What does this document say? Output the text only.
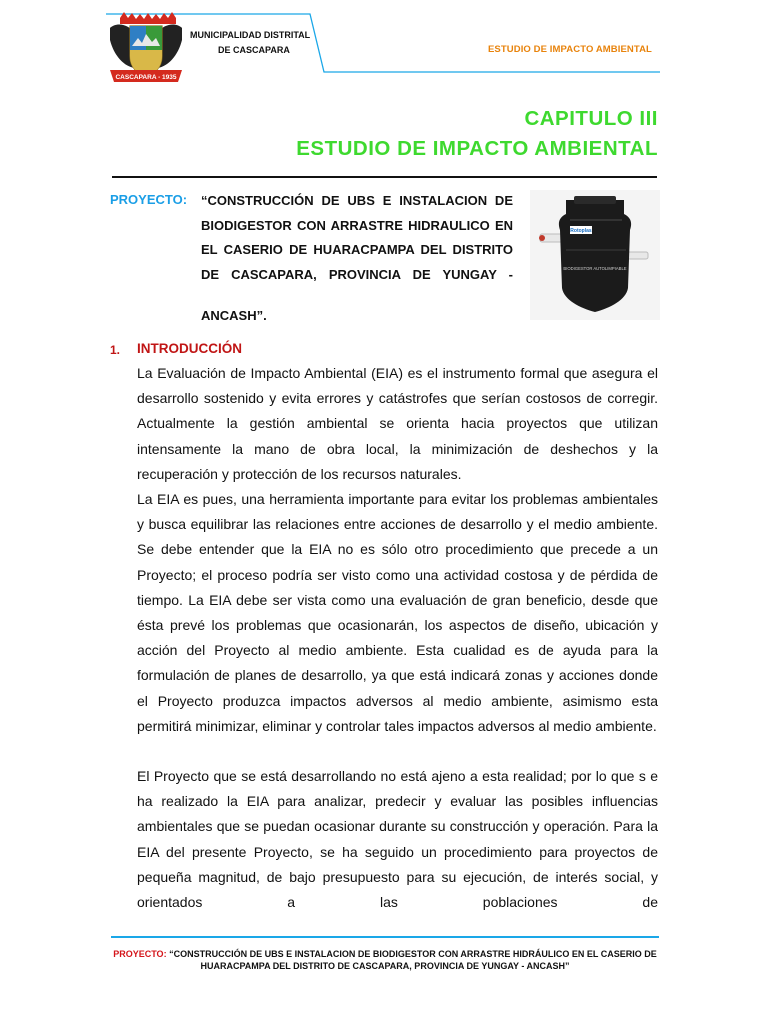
CASCAPARA - 1935
MUNICIPALIDAD DISTRITAL
DE CASCAPARA	ESTUDIO DE IMPACTO AMBIENTAL
CAPITULO III
ESTUDIO DE IMPACTO AMBIENTAL
PROYECTO: “CONSTRUCCIÓN DE UBS E INSTALACION DE BIODIGESTOR CON ARRASTRE HIDRAULICO EN EL CASERIO DE HUARACPAMPA DEL DISTRITO DE CASCAPARA, PROVINCIA DE YUNGAY -

ANCASH”.
Rotoplas
BIODIGESTOR AUTOLIMPIABLE
1. INTRODUCCIÓN

La Evaluación de Impacto Ambiental (EIA) es el instrumento formal que asegura el desarrollo sostenido y evita errores y catástrofes que serían costosos de corregir. Actualmente la gestión ambiental se orienta hacia proyectos que utilizan intensamente la mano de obra local, la minimización de deshechos y la recuperación y protección de los recursos naturales.

La EIA es pues, una herramienta importante para evitar los problemas ambientales y busca equilibrar las relaciones entre acciones de desarrollo y el medio ambiente. Se debe entender que la EIA no es sólo otro procedimiento que precede a un Proyecto; el proceso podría ser visto como una actividad costosa y de pérdida de tiempo. La EIA debe ser vista como una evaluación de gran beneficio, desde que ésta prevé los problemas que ocasionarán, los aspectos de diseño, ubicación y acción del Proyecto al medio ambiente. Esta cualidad es de ayuda para la formulación de planes de desarrollo, ya que está indicará zonas y acciones donde el Proyecto produzca impactos adversos al medio ambiente, asimismo esta permitirá minimizar, eliminar y controlar tales impactos adversos al medio ambiente.

El Proyecto que se está desarrollando no está ajeno a esta realidad; por lo que s e ha realizado la EIA para analizar, predecir y evaluar las posibles influencias ambientales que se puedan ocasionar durante su construcción y operación. Para la EIA del presente Proyecto, se ha seguido un procedimiento para proyectos de pequeña magnitud, de bajo presupuesto para su ejecución, de interés social, y orientados a las poblaciones de

PROYECTO: “CONSTRUCCIÓN DE UBS E INSTALACION DE BIODIGESTOR CON ARRASTRE HIDRÁULICO EN EL CASERIO DE HUARACPAMPA DEL DISTRITO DE CASCAPARA, PROVINCIA DE YUNGAY - ANCASH”
